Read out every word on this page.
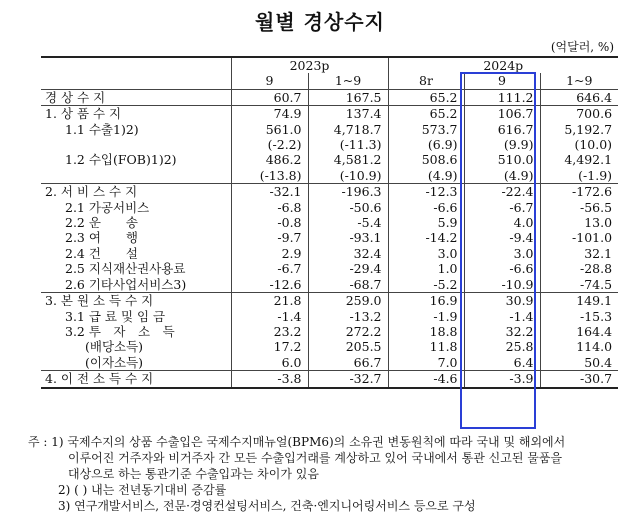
월별 경상수지
(억달러, %)
	2023p		2024p		
	9	1~9	8r	9	1~9
경 상 수 지	60.7	167.5	65.2	111.2	646.4
1. 상 품 수 지	74.9	137.4	65.2	106.7	700.6
1.1 수출1)2)	561.0	4,718.7	573.7	616.7	5,192.7
	(-2.2)	(-11.3)	(6.9)	(9.9)	(10.0)
1.2 수입(FOB)1)2)	486.2	4,581.2	508.6	510.0	4,492.1
	(-13.8)	(-10.9)	(4.9)	(4.9)	(-1.9)
2. 서 비 스 수 지	-32.1	-196.3	-12.3	-22.4	-172.6
2.1 가공서비스	-6.8	-50.6	-6.6	-6.7	-56.5
2.2 운　　송	-0.8	-5.4	5.9	4.0	13.0
2.3 여　　행	-9.7	-93.1	-14.2	-9.4	-101.0
2.4 건　　설	2.9	32.4	3.0	3.0	32.1
2.5 지식재산권사용료	-6.7	-29.4	1.0	-6.6	-28.8
2.6 기타사업서비스3)	-12.6	-68.7	-5.2	-10.9	-74.5
3. 본 원 소 득 수 지	21.8	259.0	16.9	30.9	149.1
3.1 급 료 및 임 금	-1.4	-13.2	-1.9	-1.4	-15.3
3.2 투　자　소　득	23.2	272.2	18.8	32.2	164.4
(배당소득)	17.2	205.5	11.8	25.8	114.0
(이자소득)	6.0	66.7	7.0	6.4	50.4
4. 이 전 소 득 수 지	-3.8	-32.7	-4.6	-3.9	-30.7
주 : 1) 국제수지의 상품 수출입은 국제수지매뉴얼(BPM6)의 소유권 변동원칙에 따라 국내 및 해외에서
이루어진 거주자와 비거주자 간 모든 수출입거래를 계상하고 있어 국내에서 통관 신고된 물품을
대상으로 하는 통관기준 수출입과는 차이가 있음
2) ( ) 내는 전년동기대비 증감률
3) 연구개발서비스, 전문·경영컨설팅서비스, 건축·엔지니어링서비스 등으로 구성
